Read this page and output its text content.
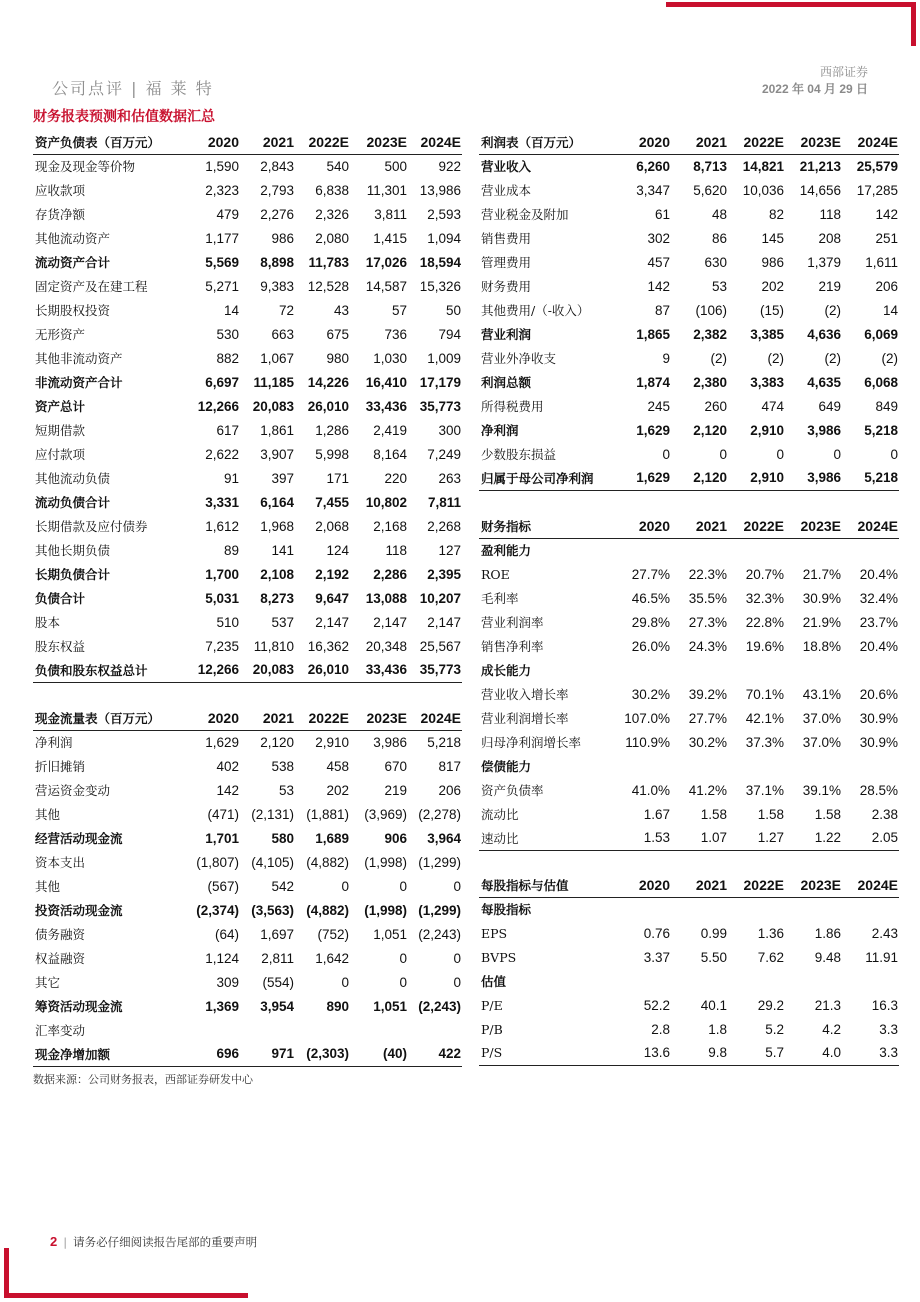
公司点评 | 福 莱 特
西部证券
2022 年 04 月 29 日
财务报表预测和估值数据汇总
资产负债表（百万元）	2020	2021	2022E	2023E	2024E
现金及现金等价物	1,590	2,843	540	500	922
应收款项	2,323	2,793	6,838	11,301	13,986
存货净额	479	2,276	2,326	3,811	2,593
其他流动资产	1,177	986	2,080	1,415	1,094
流动资产合计	5,569	8,898	11,783	17,026	18,594
固定资产及在建工程	5,271	9,383	12,528	14,587	15,326
长期股权投资	14	72	43	57	50
无形资产	530	663	675	736	794
其他非流动资产	882	1,067	980	1,030	1,009
非流动资产合计	6,697	11,185	14,226	16,410	17,179
资产总计	12,266	20,083	26,010	33,436	35,773
短期借款	617	1,861	1,286	2,419	300
应付款项	2,622	3,907	5,998	8,164	7,249
其他流动负债	91	397	171	220	263
流动负债合计	3,331	6,164	7,455	10,802	7,811
长期借款及应付债券	1,612	1,968	2,068	2,168	2,268
其他长期负债	89	141	124	118	127
长期负债合计	1,700	2,108	2,192	2,286	2,395
负债合计	5,031	8,273	9,647	13,088	10,207
股本	510	537	2,147	2,147	2,147
股东权益	7,235	11,810	16,362	20,348	25,567
负债和股东权益总计	12,266	20,083	26,010	33,436	35,773
现金流量表（百万元）	2020	2021	2022E	2023E	2024E
净利润	1,629	2,120	2,910	3,986	5,218
折旧摊销	402	538	458	670	817
营运资金变动	142	53	202	219	206
其他	(471)	(2,131)	(1,881)	(3,969)	(2,278)
经营活动现金流	1,701	580	1,689	906	3,964
资本支出	(1,807)	(4,105)	(4,882)	(1,998)	(1,299)
其他	(567)	542	0	0	0
投资活动现金流	(2,374)	(3,563)	(4,882)	(1,998)	(1,299)
债务融资	(64)	1,697	(752)	1,051	(2,243)
权益融资	1,124	2,811	1,642	0	0
其它	309	(554)	0	0	0
筹资活动现金流	1,369	3,954	890	1,051	(2,243)
汇率变动					
现金净增加额	696	971	(2,303)	(40)	422
利润表（百万元）	2020	2021	2022E	2023E	2024E
营业收入	6,260	8,713	14,821	21,213	25,579
营业成本	3,347	5,620	10,036	14,656	17,285
营业税金及附加	61	48	82	118	142
销售费用	302	86	145	208	251
管理费用	457	630	986	1,379	1,611
财务费用	142	53	202	219	206
其他费用/（-收入）	87	(106)	(15)	(2)	14
营业利润	1,865	2,382	3,385	4,636	6,069
营业外净收支	9	(2)	(2)	(2)	(2)
利润总额	1,874	2,380	3,383	4,635	6,068
所得税费用	245	260	474	649	849
净利润	1,629	2,120	2,910	3,986	5,218
少数股东损益	0	0	0	0	0
归属于母公司净利润	1,629	2,120	2,910	3,986	5,218
财务指标	2020	2021	2022E	2023E	2024E
盈利能力					
ROE	27.7%	22.3%	20.7%	21.7%	20.4%
毛利率	46.5%	35.5%	32.3%	30.9%	32.4%
营业利润率	29.8%	27.3%	22.8%	21.9%	23.7%
销售净利率	26.0%	24.3%	19.6%	18.8%	20.4%
成长能力					
营业收入增长率	30.2%	39.2%	70.1%	43.1%	20.6%
营业利润增长率	107.0%	27.7%	42.1%	37.0%	30.9%
归母净利润增长率	110.9%	30.2%	37.3%	37.0%	30.9%
偿债能力					
资产负债率	41.0%	41.2%	37.1%	39.1%	28.5%
流动比	1.67	1.58	1.58	1.58	2.38
速动比	1.53	1.07	1.27	1.22	2.05
每股指标与估值	2020	2021	2022E	2023E	2024E
每股指标					
EPS	0.76	0.99	1.36	1.86	2.43
BVPS	3.37	5.50	7.62	9.48	11.91
估值					
P/E	52.2	40.1	29.2	21.3	16.3
P/B	2.8	1.8	5.2	4.2	3.3
P/S	13.6	9.8	5.7	4.0	3.3
数据来源：公司财务报表，西部证券研发中心
2 | 请务必仔细阅读报告尾部的重要声明
